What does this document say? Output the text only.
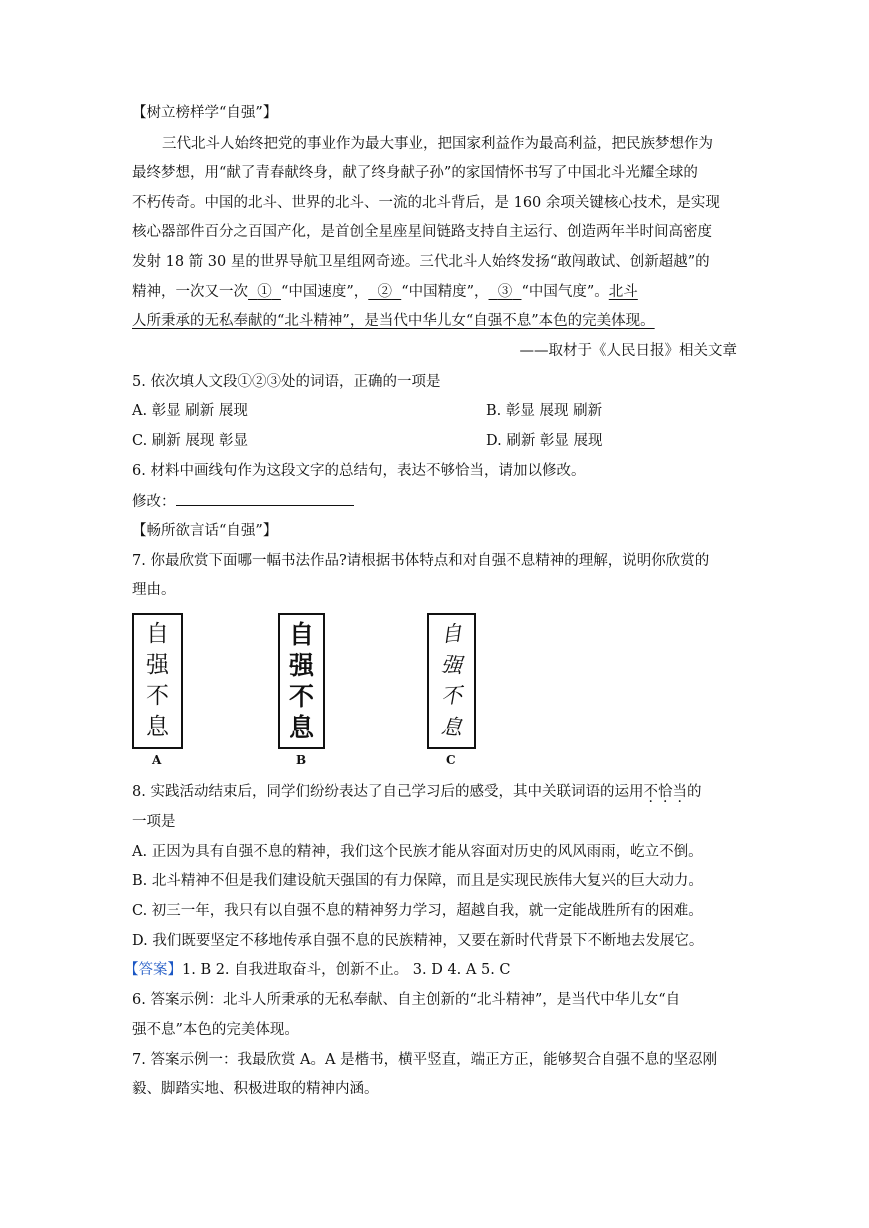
【树立榜样学“自强”】
三代北斗人始终把党的事业作为最大事业，把国家利益作为最高利益，把民族梦想作为
最终梦想，用“献了青春献终身，献了终身献子孙”的家国情怀书写了中国北斗光耀全球的
不朽传奇。中国的北斗、世界的北斗、一流的北斗背后，是 160 余项关键核心技术，是实现
核心器部件百分之百国产化，是首创全星座星间链路支持自主运行、创造两年半时间高密度
发射 18 箭 30 星的世界导航卫星组网奇迹。三代北斗人始终发扬“敢闯敢试、创新超越”的
精神，一次又一次 ① “中国速度”， ② “中国精度”， ③ “中国气度”。北斗
人所秉承的无私奉献的“北斗精神”，是当代中华儿女“自强不息”本色的完美体现。
——取材于《人民日报》相关文章
5. 依次填人文段①②③处的词语，正确的一项是
A. 彰显 刷新 展现	B. 彰显 展现 刷新
C. 刷新 展现 彰显	D. 刷新 彰显 展现
6. 材料中画线句作为这段文字的总结句，表达不够恰当，请加以修改。
修改：
【畅所欲言话“自强”】
7. 你最欣赏下面哪一幅书法作品?请根据书体特点和对自强不息精神的理解，说明你欣赏的
理由。
自
强
不
息
A
自
强
不
息
B
自
强
不
息
C
8. 实践活动结束后，同学们纷纷表达了自己学习后的感受，其中关联词语的运用不恰当的
一项是
A. 正因为具有自强不息的精神，我们这个民族才能从容面对历史的风风雨雨，屹立不倒。
B. 北斗精神不但是我们建设航天强国的有力保障，而且是实现民族伟大复兴的巨大动力。
C. 初三一年，我只有以自强不息的精神努力学习，超越自我，就一定能战胜所有的困难。
D. 我们既要坚定不移地传承自强不息的民族精神，又要在新时代背景下不断地去发展它。
【答案】1. B 2. 自我进取奋斗，创新不止。 3. D 4. A 5. C
6. 答案示例：北斗人所秉承的无私奉献、自主创新的“北斗精神”，是当代中华儿女“自
强不息”本色的完美体现。
7. 答案示例一：我最欣赏 A。A 是楷书，横平竖直，端正方正，能够契合自强不息的坚忍刚
毅、脚踏实地、积极进取的精神内涵。
